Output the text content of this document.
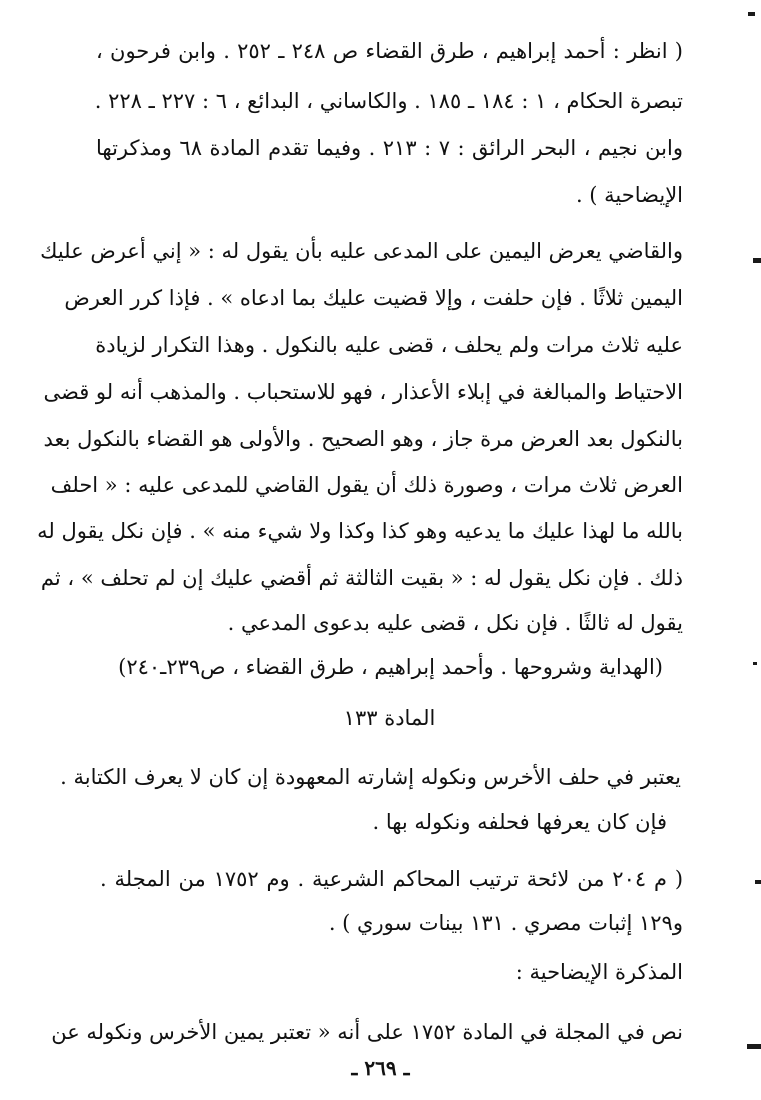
( انظر : أحمد إبراهيم ، طرق القضاء ص ٢٤٨ ـ ٢٥٢ . وابن فرحون ،
تبصرة الحكام ، ١ : ١٨٤ ـ ١٨٥ . والكاساني ، البدائع ، ٦ : ٢٢٧ ـ ٢٢٨ .
وابن نجيم ، البحر الرائق : ٧ : ٢١٣ . وفيما تقدم المادة ٦٨ ومذكرتها
الإيضاحية ) .
والقاضي يعرض اليمين على المدعى عليه بأن يقول له : « إني أعرض عليك
اليمين ثلاثًا . فإن حلفت ، وإلا قضيت عليك بما ادعاه » . فإذا كرر العرض
عليه ثلاث مرات ولم يحلف ، قضى عليه بالنكول . وهذا التكرار لزيادة
الاحتياط والمبالغة في إبلاء الأعذار ، فهو للاستحباب . والمذهب أنه لو قضى
بالنكول بعد العرض مرة جاز ، وهو الصحيح . والأولى هو القضاء بالنكول بعد
العرض ثلاث مرات ، وصورة ذلك أن يقول القاضي للمدعى عليه : « احلف
بالله ما لهذا عليك ما يدعيه وهو كذا وكذا ولا شيء منه » . فإن نكل يقول له
ذلك . فإن نكل يقول له : « بقيت الثالثة ثم أقضي عليك إن لم تحلف » ، ثم
يقول له ثالثًا . فإن نكل ، قضى عليه بدعوى المدعي .
(الهداية وشروحها . وأحمد إبراهيم ، طرق القضاء ، ص٢٣٩ـ٢٤٠)
المادة ١٣٣
يعتبر في حلف الأخرس ونكوله إشارته المعهودة إن كان لا يعرف الكتابة .
فإن كان يعرفها فحلفه ونكوله بها .
( م ٢٠٤ من لائحة ترتيب المحاكم الشرعية . وم ١٧٥٢ من المجلة .
و١٢٩ إثبات مصري . ١٣١ بينات سوري ) .
المذكرة الإيضاحية :
نص في المجلة في المادة ١٧٥٢ على أنه « تعتبر يمين الأخرس ونكوله عن
ـ ٢٦٩ ـ
